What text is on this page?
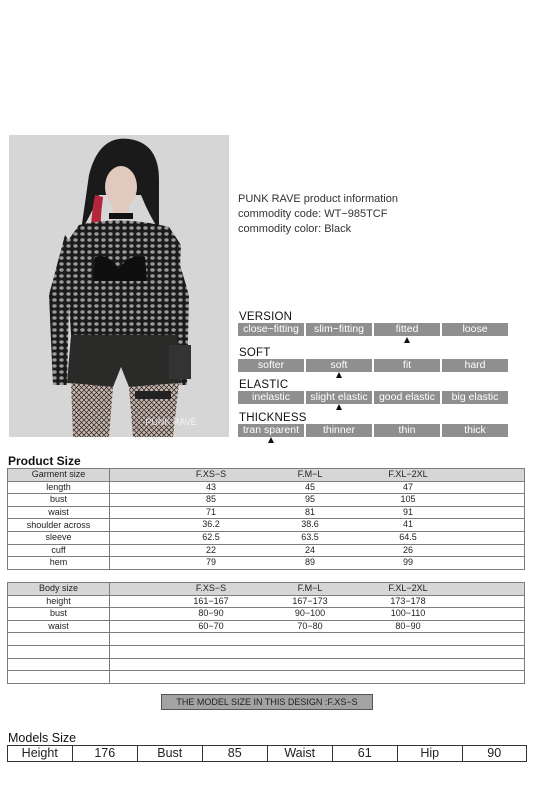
PUNK RAVE
PUNK RAVE product information
commodity code: WT−985TCF
commodity color: Black
VERSION
close−fitting	slim−fitting	fitted	loose
SOFT
softer	soft	fit	hard
ELASTIC
inelastic	slight elastic	good elastic	big elastic
THICKNESS
tran sparent	thinner	thin	thick
Product Size
Garment size	F.XS−S F.M−L F.XL−2XL

length	43 45 47

bust	85 95 105

waist	71 81 91

shoulder across	36.2 38.6 41

sleeve	62.5 63.5 64.5

cuff	22 24 26

hem	79 89 99
Body size	F.XS−S F.M−L F.XL−2XL

height	161−167 167−173 173−178

bust	80−90 90−100 100−110

waist	60−70 70−80 80−90

THE MODEL SIZE IN THIS DESIGN :F.XS−S
Models Size
Height	176	Bust	85	Waist	61	Hip	90
